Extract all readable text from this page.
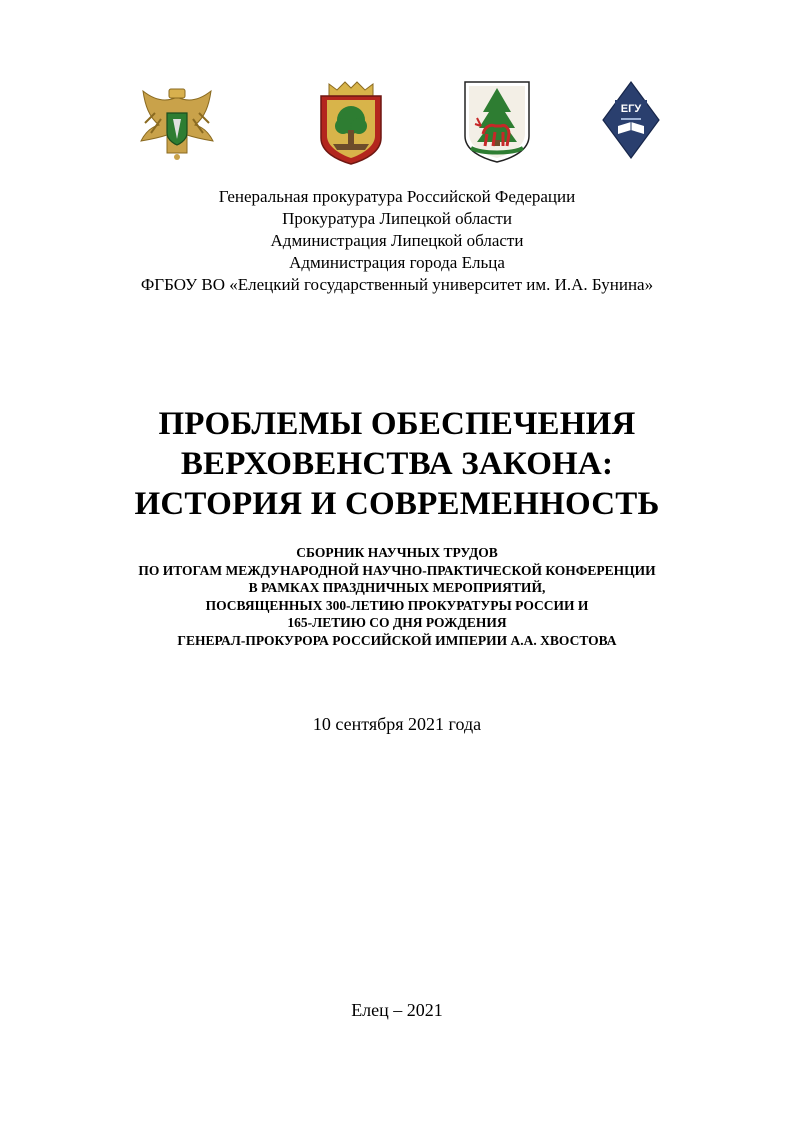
ЕГУ
Генеральная прокуратура Российской Федерации
Прокуратура Липецкой области
Администрация Липецкой области
Администрация города Ельца
ФГБОУ ВО «Елецкий государственный университет им. И.А. Бунина»
ПРОБЛЕМЫ ОБЕСПЕЧЕНИЯ
ВЕРХОВЕНСТВА ЗАКОНА:
ИСТОРИЯ И СОВРЕМЕННОСТЬ
СБОРНИК НАУЧНЫХ ТРУДОВ
ПО ИТОГАМ МЕЖДУНАРОДНОЙ НАУЧНО-ПРАКТИЧЕСКОЙ КОНФЕРЕНЦИИ
В РАМКАХ ПРАЗДНИЧНЫХ МЕРОПРИЯТИЙ,
ПОСВЯЩЕННЫХ 300-ЛЕТИЮ ПРОКУРАТУРЫ РОССИИ И
165-ЛЕТИЮ СО ДНЯ РОЖДЕНИЯ
ГЕНЕРАЛ-ПРОКУРОРА РОССИЙСКОЙ ИМПЕРИИ А.А. ХВОСТОВА
10 сентября 2021 года
Елец – 2021
